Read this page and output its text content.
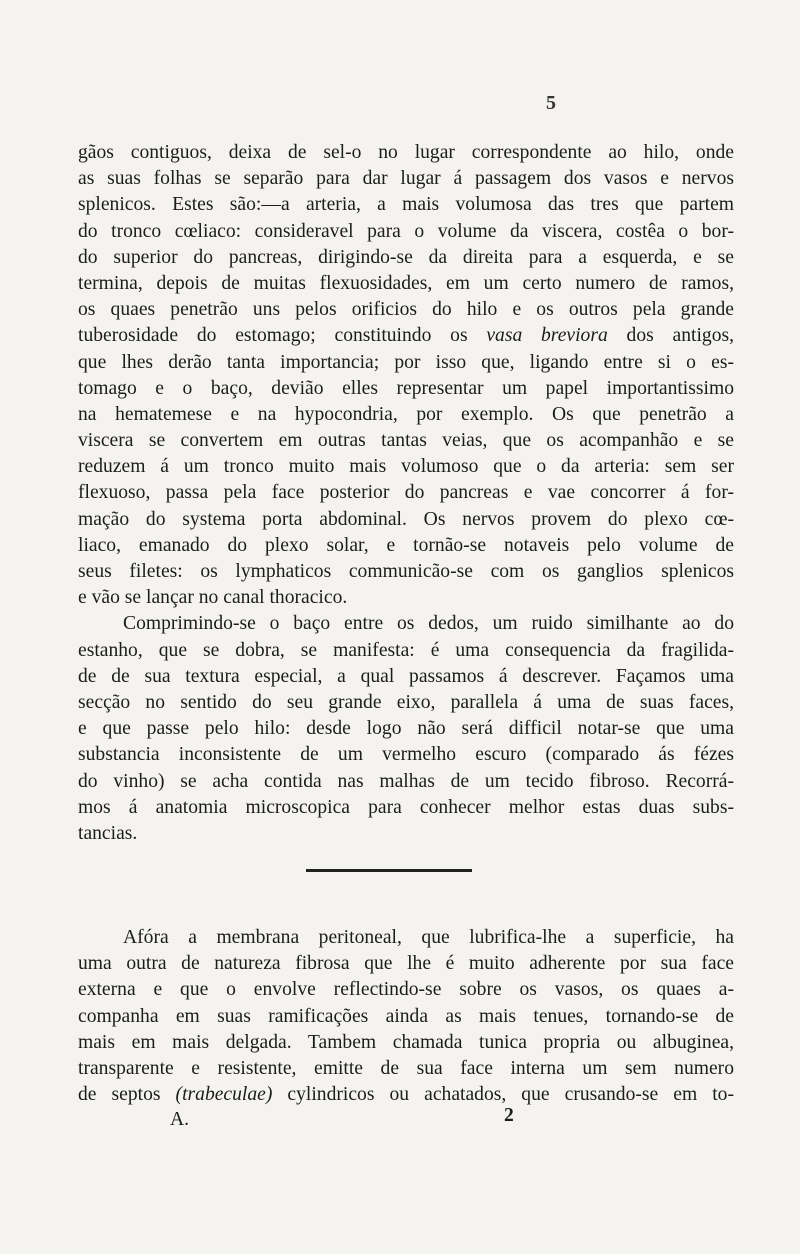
5
gãos contiguos, deixa de sel-o no lugar correspondente ao hilo, onde
as suas folhas se separão para dar lugar á passagem dos vasos e nervos
splenicos. Estes são:—a arteria, a mais volumosa das tres que partem
do tronco cœliaco: consideravel para o volume da viscera, costêa o bor-
do superior do pancreas, dirigindo-se da direita para a esquerda, e se
termina, depois de muitas flexuosidades, em um certo numero de ramos,
os quaes penetrão uns pelos orificios do hilo e os outros pela grande
tuberosidade do estomago; constituindo os vasa breviora dos antigos,
que lhes derão tanta importancia; por isso que, ligando entre si o es-
tomago e o baço, devião elles representar um papel importantissimo
na hematemese e na hypocondria, por exemplo. Os que penetrão a
viscera se convertem em outras tantas veias, que os acompanhão e se
reduzem á um tronco muito mais volumoso que o da arteria: sem ser
flexuoso, passa pela face posterior do pancreas e vae concorrer á for-
mação do systema porta abdominal. Os nervos provem do plexo cœ-
liaco, emanado do plexo solar, e tornão-se notaveis pelo volume de
seus filetes: os lymphaticos communicão-se com os ganglios splenicos
e vão se lançar no canal thoracico.
Comprimindo-se o baço entre os dedos, um ruido similhante ao do
estanho, que se dobra, se manifesta: é uma consequencia da fragilida-
de de sua textura especial, a qual passamos á descrever. Façamos uma
secção no sentido do seu grande eixo, parallela á uma de suas faces,
e que passe pelo hilo: desde logo não será difficil notar-se que uma
substancia inconsistente de um vermelho escuro (comparado ás fézes
do vinho) se acha contida nas malhas de um tecido fibroso. Recorrá-
mos á anatomia microscopica para conhecer melhor estas duas subs-
tancias.
Afóra a membrana peritoneal, que lubrifica-lhe a superficie, ha
uma outra de natureza fibrosa que lhe é muito adherente por sua face
externa e que o envolve reflectindo-se sobre os vasos, os quaes a-
companha em suas ramificações ainda as mais tenues, tornando-se de
mais em mais delgada. Tambem chamada tunica propria ou albuginea,
transparente e resistente, emitte de sua face interna um sem numero
de septos (trabeculae) cylindricos ou achatados, que crusando-se em to-
A.	2
